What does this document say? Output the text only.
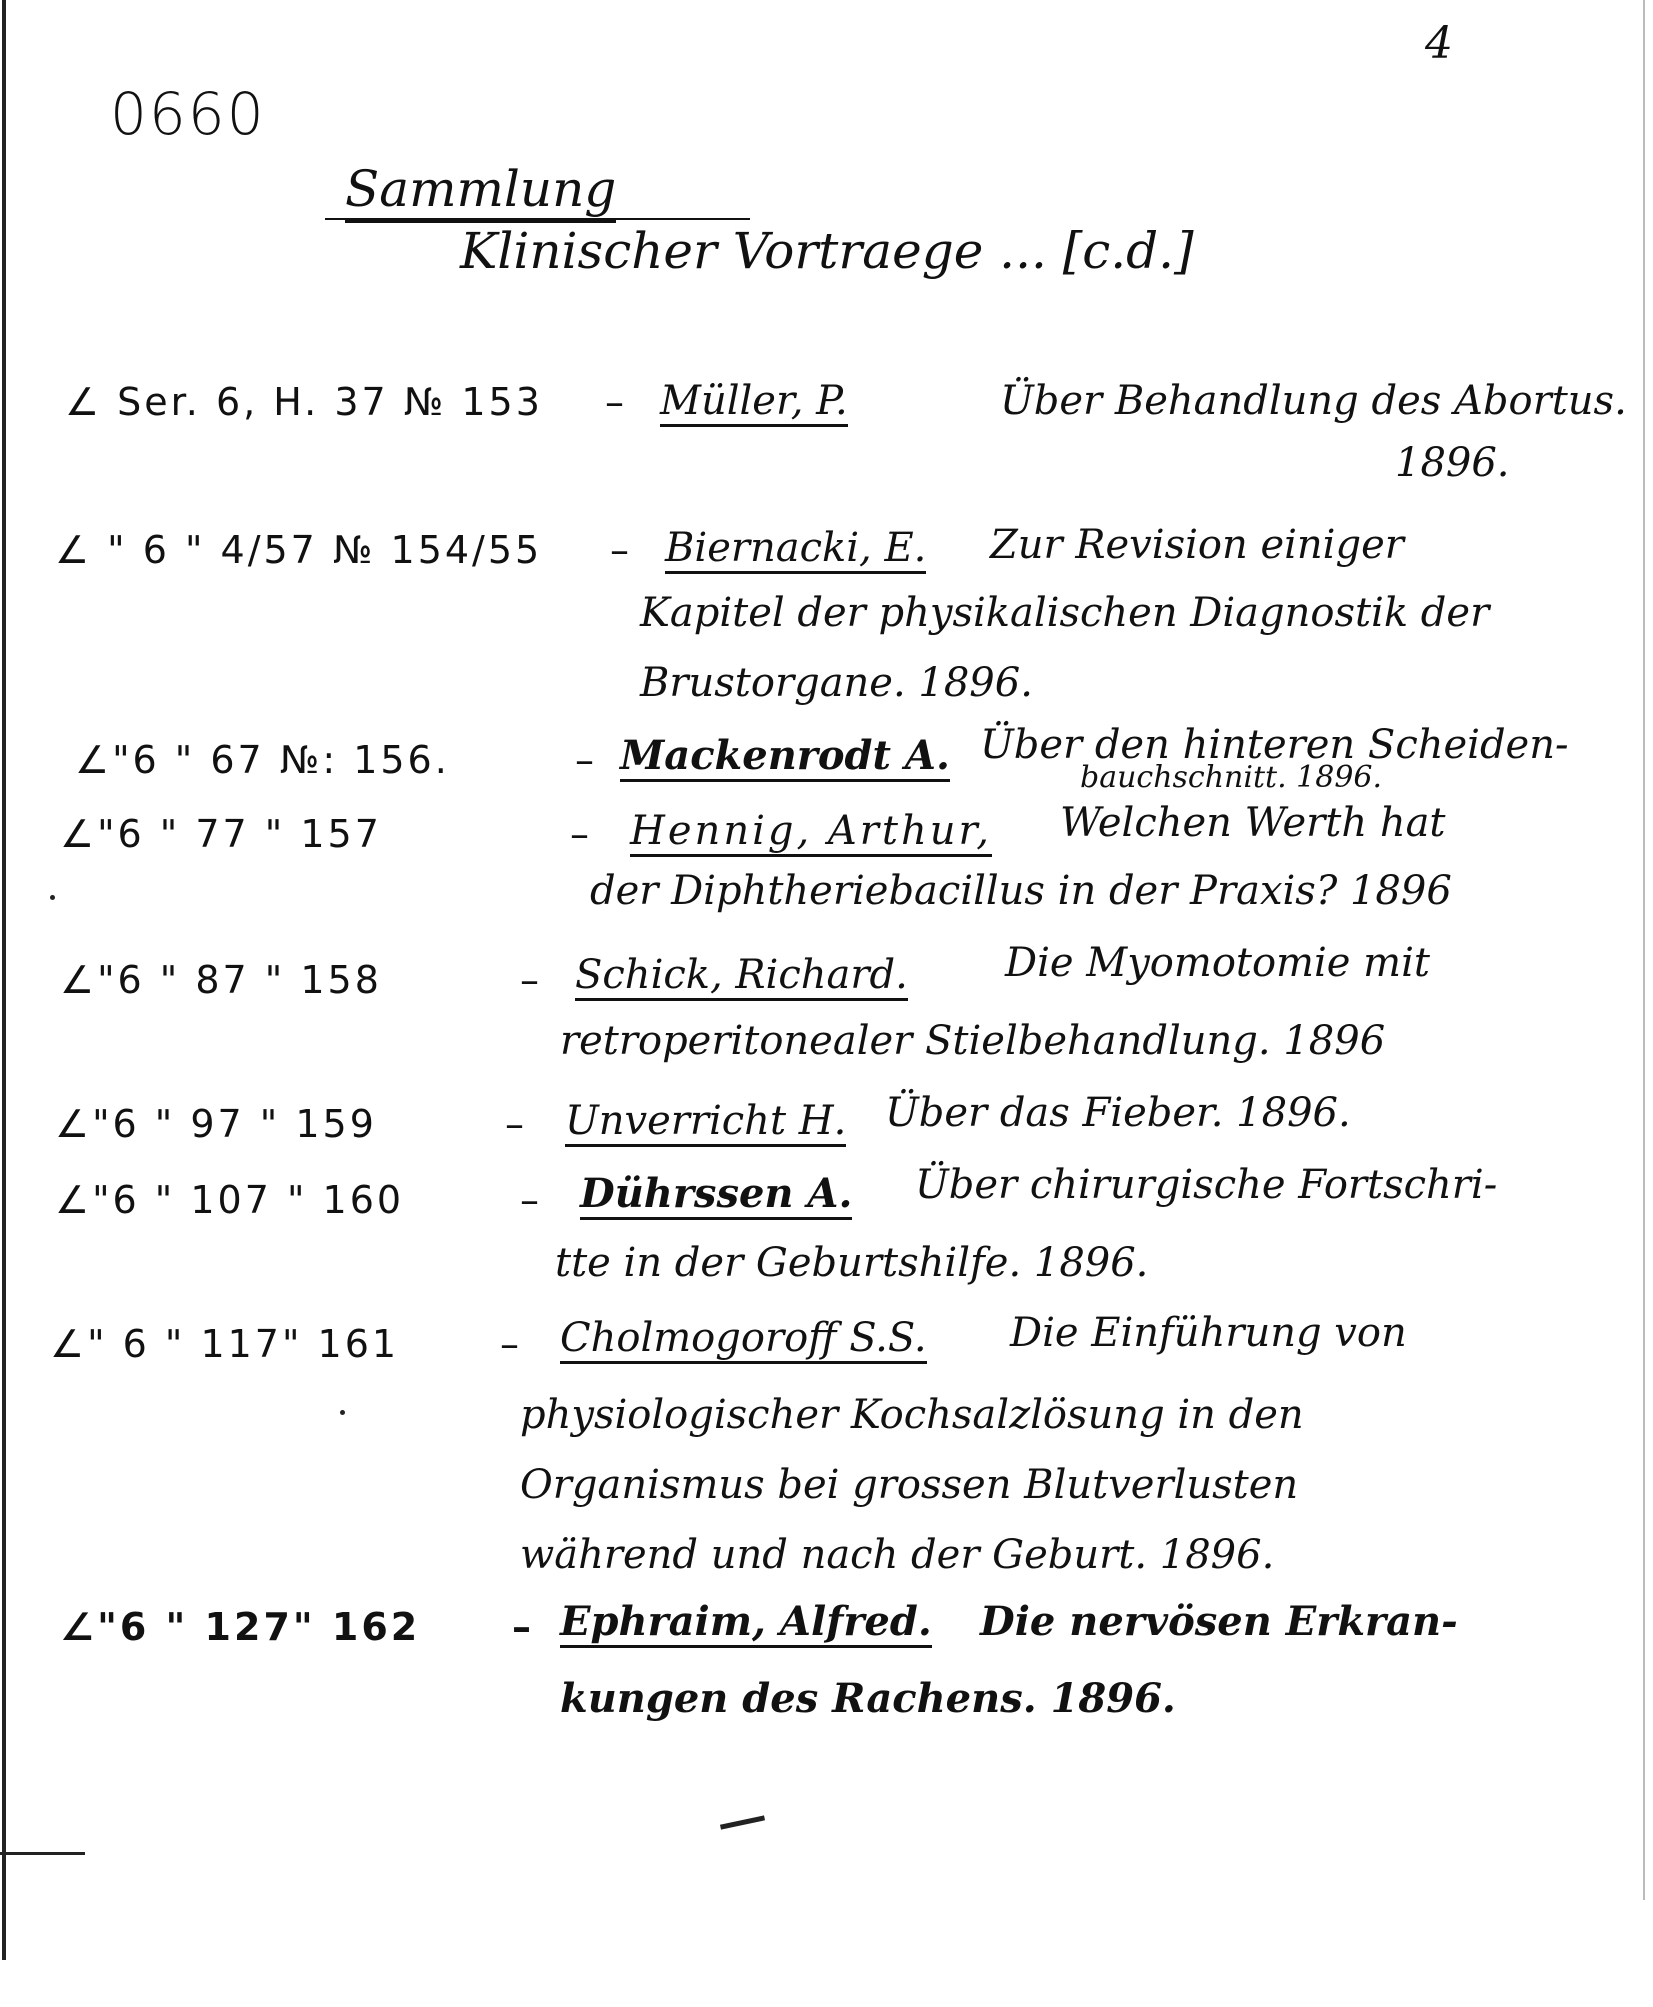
4
0660
Sammlung
Klinischer Vortraege ... [c.d.]
∠ Ser. 6, H. 37 № 153 – Müller, P.	Über Behandlung des Abortus.
1896.
∠ " 6 " 4/57 № 154/55 – Biernacki, E. Zur Revision einiger
Kapitel der physikalischen Diagnostik der
Brustorgane. 1896.
∠"6 " 67 №: 156.	– Mackenrodt A. Über den hinteren Scheiden-
bauchschnitt. 1896.
∠"6 " 77 " 157	– Hennig, Arthur, Welchen Werth hat
der Diphtheriebacillus in der Praxis? 1896
∠"6 " 87 " 158	– Schick, Richard. Die Myomotomie mit
retroperitonealer Stielbehandlung. 1896
∠"6 " 97 " 159	– Unverricht H. Über das Fieber. 1896.
∠"6 " 107 " 160	– Dührssen A. Über chirurgische Fortschri-
tte in der Geburtshilfe. 1896.
∠" 6 " 117" 161	– Cholmogoroff S.S. Die Einführung von
physiologischer Kochsalzlösung in den
Organismus bei grossen Blutverlusten
während und nach der Geburt. 1896.
∠"6 " 127" 162 – Ephraim, Alfred. Die nervösen Erkran-
kungen des Rachens. 1896.
